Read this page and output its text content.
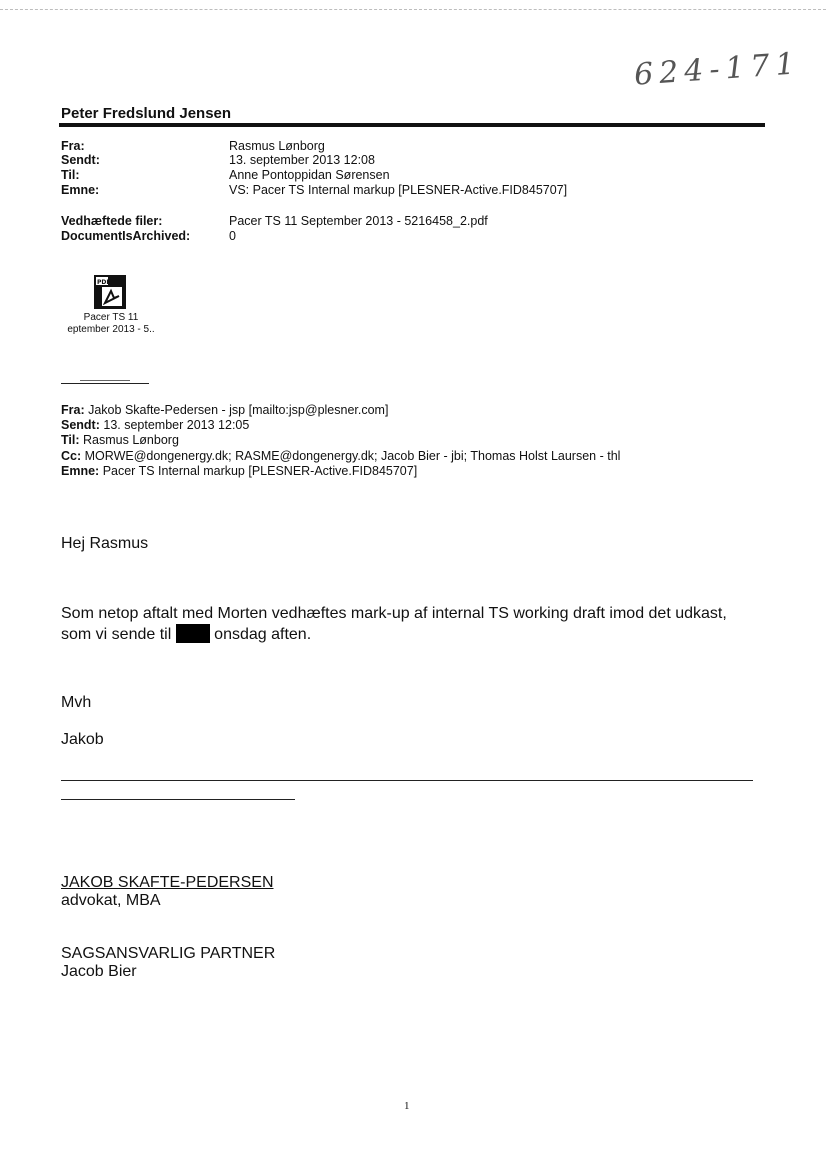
624-171
Peter Fredslund Jensen
Fra:	Rasmus Lønborg
Sendt:	13. september 2013 12:08
Til:	Anne Pontoppidan Sørensen
Emne:	VS: Pacer TS Internal markup [PLESNER-Active.FID845707]
Vedhæftede filer:	Pacer TS 11 September 2013 - 5216458_2.pdf
DocumentIsArchived:	0
PDF
Pacer TS 11
eptember 2013 - 5..
Fra: Jakob Skafte-Pedersen - jsp [mailto:jsp@plesner.com]
Sendt: 13. september 2013 12:05
Til: Rasmus Lønborg
Cc: MORWE@dongenergy.dk; RASME@dongenergy.dk; Jacob Bier - jbi; Thomas Holst Laursen - thl
Emne: Pacer TS Internal markup [PLESNER-Active.FID845707]
Hej Rasmus
Som netop aftalt med Morten vedhæftes mark-up af internal TS working draft imod det udkast,
som vi sende til	onsdag aften.
Mvh
Jakob
JAKOB SKAFTE-PEDERSEN
advokat, MBA
SAGSANSVARLIG PARTNER
Jacob Bier
1
